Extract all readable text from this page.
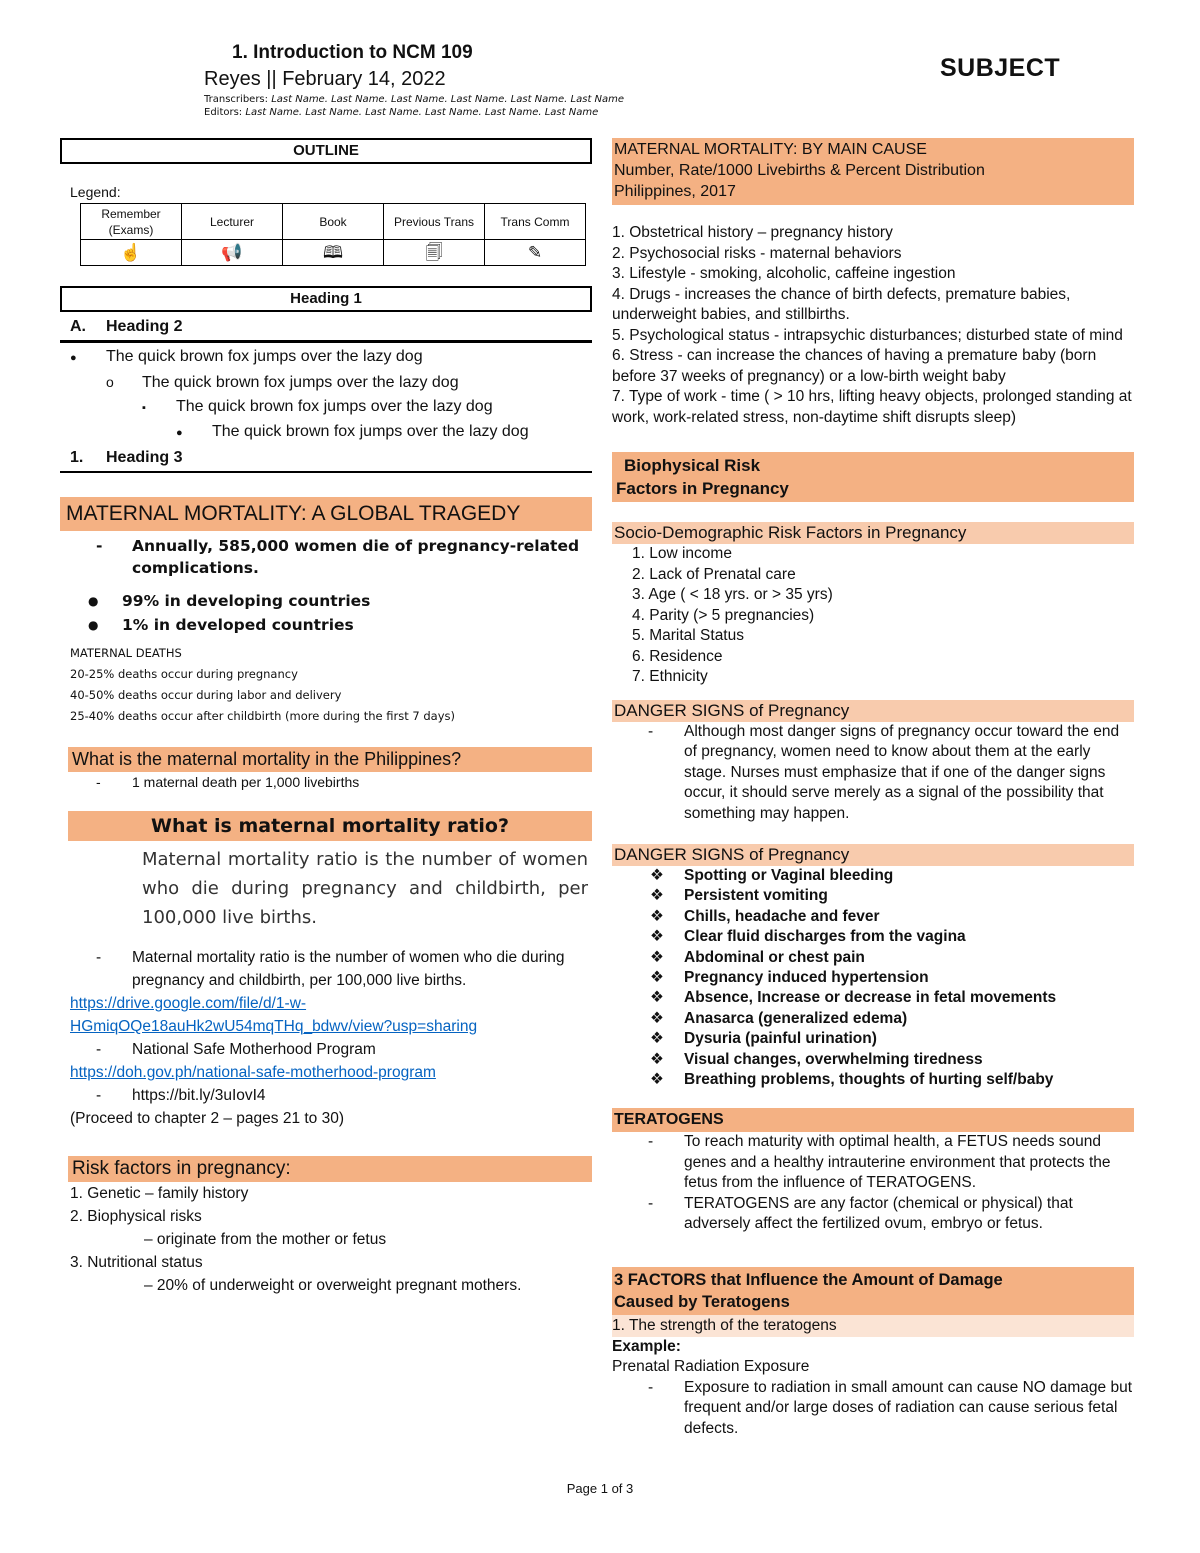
1. Introduction to NCM 109
Reyes || February 14, 2022
Transcribers: Last Name. Last Name. Last Name. Last Name. Last Name. Last Name
Editors: Last Name. Last Name. Last Name. Last Name. Last Name. Last Name
SUBJECT
OUTLINE
Legend:
Remember (Exams)	Lecturer	Book	Previous Trans	Trans Comm
☝	📢	🕮	🗐	✎
Heading 1
A. Heading 2
● The quick brown fox jumps over the lazy dog
o The quick brown fox jumps over the lazy dog
▪ The quick brown fox jumps over the lazy dog
● The quick brown fox jumps over the lazy dog
1. Heading 3
MATERNAL MORTALITY: A GLOBAL TRAGEDY
- Annually, 585,000 women die of pregnancy-related complications.
● 99% in developing countries
● 1% in developed countries
MATERNAL DEATHS
20-25% deaths occur during pregnancy
40-50% deaths occur during labor and delivery
25-40% deaths occur after childbirth (more during the first 7 days)
What is the maternal mortality in the Philippines?
- 1 maternal death per 1,000 livebirths
What is maternal mortality ratio?
Maternal mortality ratio is the number of women who die during pregnancy and childbirth, per 100,000 live births.
- Maternal mortality ratio is the number of women who die during pregnancy and childbirth, per 100,000 live births.
https://drive.google.com/file/d/1-w-
HGmiqOQe18auHk2wU54mqTHq_bdwv/view?usp=sharing
- National Safe Motherhood Program
https://doh.gov.ph/national-safe-motherhood-program
- https://bit.ly/3uIovI4
(Proceed to chapter 2 – pages 21 to 30)
Risk factors in pregnancy:
1. Genetic – family history
2. Biophysical risks
– originate from the mother or fetus
3. Nutritional status
– 20% of underweight or overweight pregnant mothers.
MATERNAL MORTALITY: BY MAIN CAUSE
Number, Rate/1000 Livebirths & Percent Distribution
Philippines, 2017
1. Obstetrical history – pregnancy history
2. Psychosocial risks - maternal behaviors
3. Lifestyle - smoking, alcoholic, caffeine ingestion
4. Drugs - increases the chance of birth defects, premature babies, underweight babies, and stillbirths.
5. Psychological status - intrapsychic disturbances; disturbed state of mind
6. Stress - can increase the chances of having a premature baby (born before 37 weeks of pregnancy) or a low-birth weight baby
7. Type of work - time ( > 10 hrs, lifting heavy objects, prolonged standing at work, work-related stress, non-daytime shift disrupts sleep)
Biophysical Risk
Factors in Pregnancy
Socio-Demographic Risk Factors in Pregnancy
1. Low income
2. Lack of Prenatal care
3. Age ( < 18 yrs. or > 35 yrs)
4. Parity (> 5 pregnancies)
5. Marital Status
6. Residence
7. Ethnicity
DANGER SIGNS of Pregnancy
- Although most danger signs of pregnancy occur toward the end of pregnancy, women need to know about them at the early stage. Nurses must emphasize that if one of the danger signs occur, it should serve merely as a signal of the possibility that something may happen.
DANGER SIGNS of Pregnancy
❖ Spotting or Vaginal bleeding
❖ Persistent vomiting
❖ Chills, headache and fever
❖ Clear fluid discharges from the vagina
❖ Abdominal or chest pain
❖ Pregnancy induced hypertension
❖ Absence, Increase or decrease in fetal movements
❖ Anasarca (generalized edema)
❖ Dysuria (painful urination)
❖ Visual changes, overwhelming tiredness
❖ Breathing problems, thoughts of hurting self/baby
TERATOGENS
- To reach maturity with optimal health, a FETUS needs sound genes and a healthy intrauterine environment that protects the fetus from the influence of TERATOGENS.
- TERATOGENS are any factor (chemical or physical) that adversely affect the fertilized ovum, embryo or fetus.
3 FACTORS that Influence the Amount of Damage
Caused by Teratogens
1. The strength of the teratogens
Example:
Prenatal Radiation Exposure
- Exposure to radiation in small amount can cause NO damage but frequent and/or large doses of radiation can cause serious fetal defects.
Page 1 of 3
